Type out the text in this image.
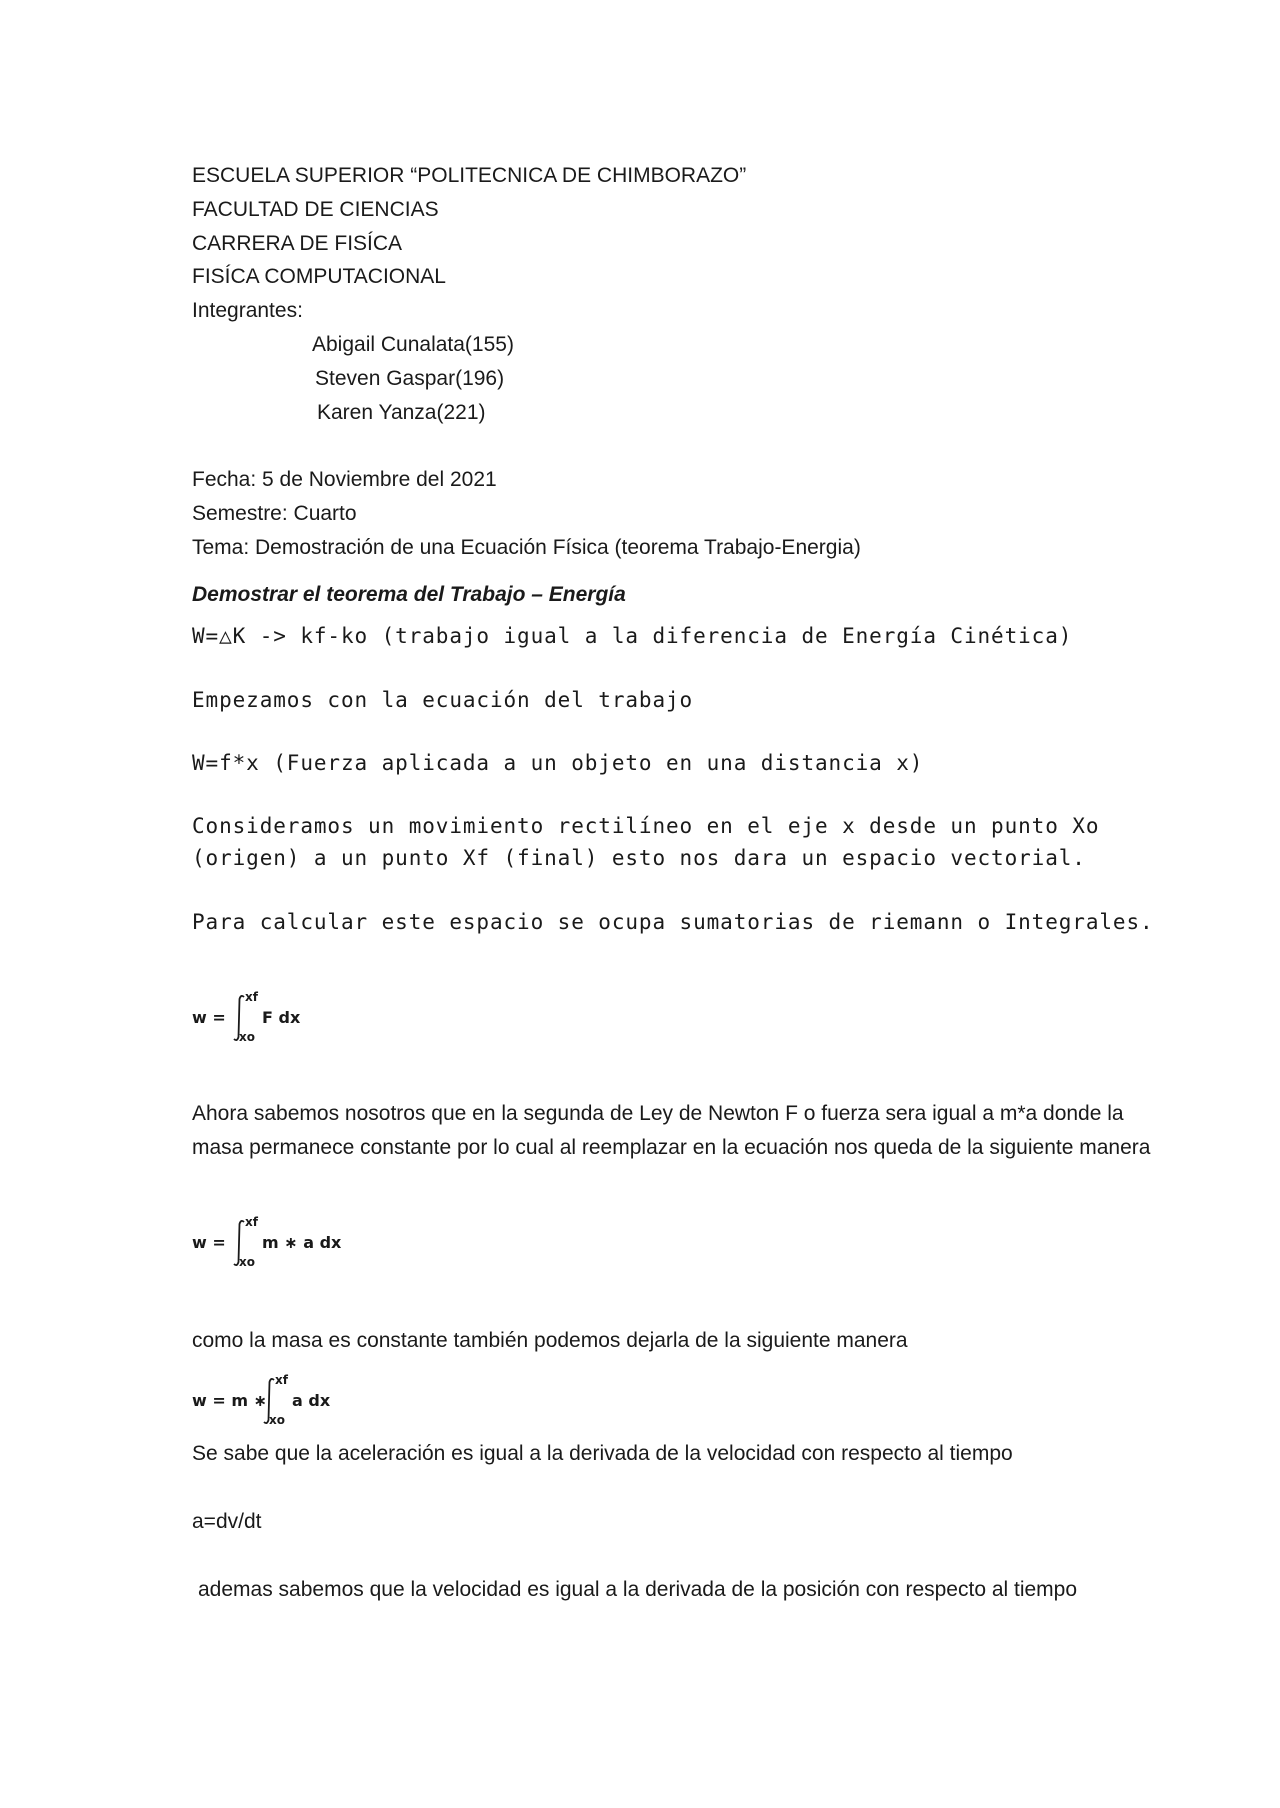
ESCUELA SUPERIOR “POLITECNICA DE CHIMBORAZO”
FACULTAD DE CIENCIAS
CARRERA DE FISÍCA
FISÍCA COMPUTACIONAL
Integrantes:
Abigail Cunalata(155)
Steven Gaspar(196)
Karen Yanza(221)
Fecha: 5 de Noviembre del 2021
Semestre: Cuarto
Tema: Demostración de una Ecuación Física (teorema Trabajo-Energia)
Demostrar el teorema del Trabajo – Energía
W=△K -> kf-ko (trabajo igual a la diferencia de Energía Cinética)
Empezamos con la ecuación del trabajo
W=f*x (Fuerza aplicada a un objeto en una distancia x)
Consideramos un movimiento rectilíneo en el eje x desde un punto Xo
(origen) a un punto Xf (final) esto nos dara un espacio vectorial.
Para calcular este espacio se ocupa sumatorias de riemann o Integrales.
w =
xf
xo
F dx
Ahora sabemos nosotros que en la segunda de Ley de Newton F o fuerza sera igual a m*a donde la masa permanece constante por lo cual al reemplazar en la ecuación nos queda de la siguiente manera
w =
xf
xo
m ∗ a dx
como la masa es constante también podemos dejarla de la siguiente manera
w = m ∗
xf
xo
a dx
Se sabe que la aceleración es igual a la derivada de la velocidad con respecto al tiempo
a=dv/dt
ademas sabemos que la velocidad es igual a la derivada de la posición con respecto al tiempo
